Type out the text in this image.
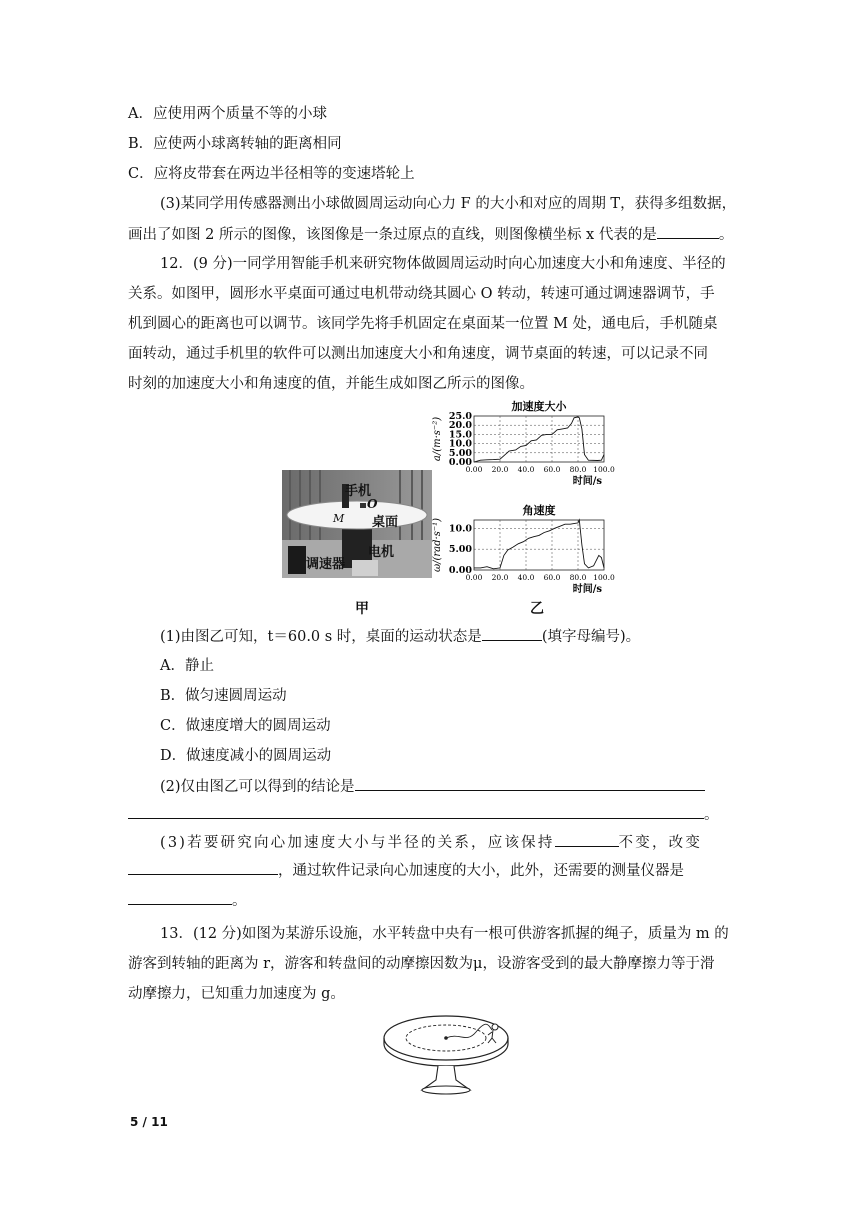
A．应使用两个质量不等的小球
B．应使两小球离转轴的距离相同
C．应将皮带套在两边半径相等的变速塔轮上
(3)某同学用传感器测出小球做圆周运动向心力 F 的大小和对应的周期 T，获得多组数据，
画出了如图 2 所示的图像，该图像是一条过原点的直线，则图像横坐标 x 代表的是	。
12．(9 分)一同学用智能手机来研究物体做圆周运动时向心加速度大小和角速度、半径的
关系。如图甲，圆形水平桌面可通过电机带动绕其圆心 O 转动，转速可通过调速器调节，手
机到圆心的距离也可以调节。该同学先将手机固定在桌面某一位置 M 处，通电后，手机随桌
面转动，通过手机里的软件可以测出加速度大小和角速度，调节桌面的转速，可以记录不同
时刻的加速度大小和角速度的值，并能生成如图乙所示的图像。
手机
O
M 桌面
电机
调速器
甲
加速度大小
0.00
5.00
10.0
15.0
20.0
25.0
0.00 20.0 40.0 60.0 80.0 100.0
时间/s
a/(m·s⁻²)
角速度
0.00
5.00
10.0
0.00 20.0 40.0 60.0 80.0 100.0
时间/s
ω/(rad·s⁻¹)
乙
(1)由图乙可知，t＝60.0 s 时，桌面的运动状态是	(填字母编号)。
A．静止
B．做匀速圆周运动
C．做速度增大的圆周运动
D．做速度减小的圆周运动
(2)仅由图乙可以得到的结论是
。
(3)若要研究向心加速度大小与半径的关系，应该保持	不变，改变
，通过软件记录向心加速度的大小，此外，还需要的测量仪器是
。
13．(12 分)如图为某游乐设施，水平转盘中央有一根可供游客抓握的绳子，质量为 m 的
游客到转轴的距离为 r，游客和转盘间的动摩擦因数为μ，设游客受到的最大静摩擦力等于滑
动摩擦力，已知重力加速度为 g。
5 / 11
